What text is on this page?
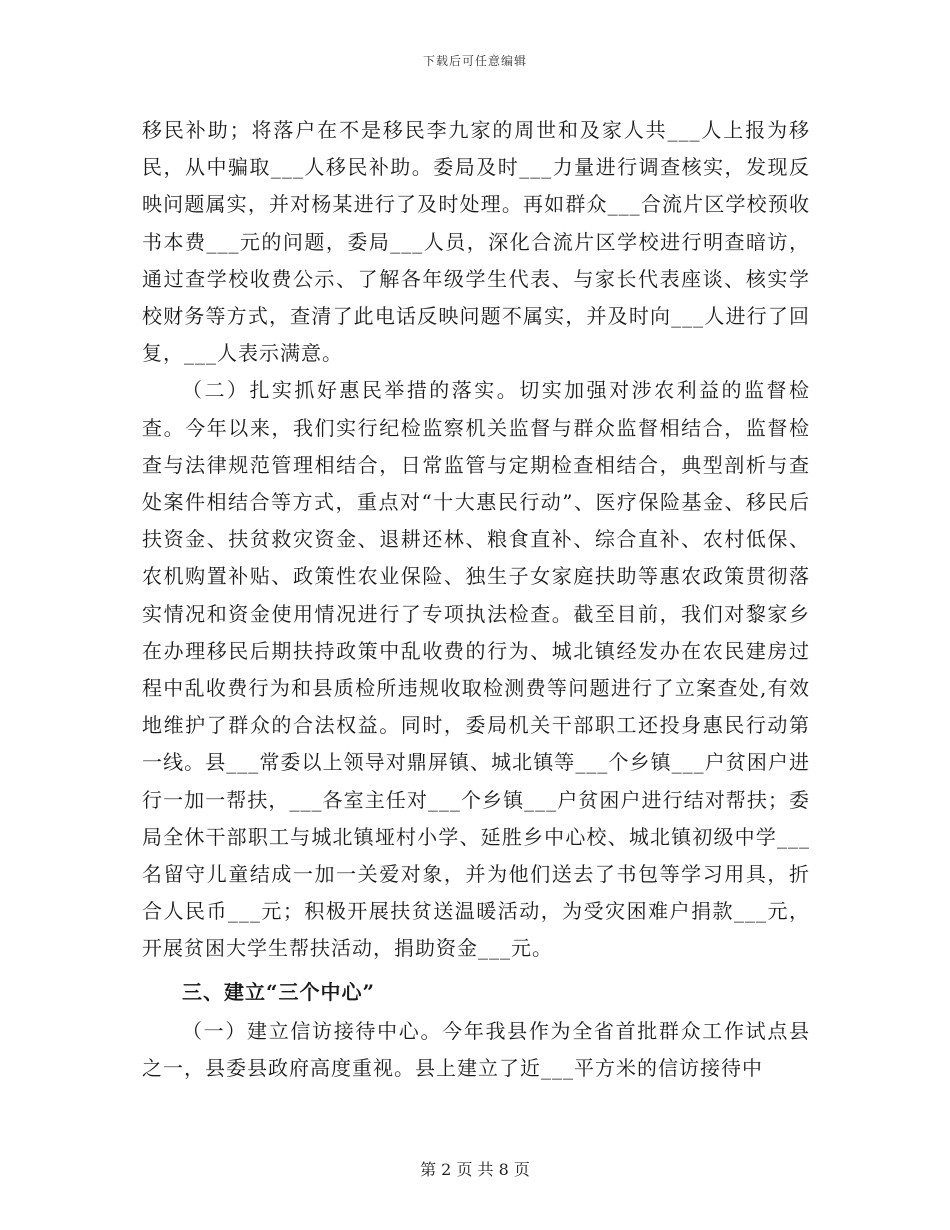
下载后可任意编辑

移民补助；将落户在不是移民李九家的周世和及家人共___人上报为移民，从中骗取___人移民补助。委局及时___力量进行调查核实，发现反映问题属实，并对杨某进行了及时处理。再如群众___合流片区学校预收书本费___元的问题，委局___人员，深化合流片区学校进行明查暗访，通过查学校收费公示、了解各年级学生代表、与家长代表座谈、核实学校财务等方式，查清了此电话反映问题不属实，并及时向___人进行了回复，___人表示满意。

（二）扎实抓好惠民举措的落实。切实加强对涉农利益的监督检查。今年以来，我们实行纪检监察机关监督与群众监督相结合，监督检查与法律规范管理相结合，日常监管与定期检查相结合，典型剖析与查处案件相结合等方式，重点对“十大惠民行动”、医疗保险基金、移民后扶资金、扶贫救灾资金、退耕还林、粮食直补、综合直补、农村低保、农机购置补贴、政策性农业保险、独生子女家庭扶助等惠农政策贯彻落实情况和资金使用情况进行了专项执法检查。截至目前，我们对黎家乡在办理移民后期扶持政策中乱收费的行为、城北镇经发办在农民建房过程中乱收费行为和县质检所违规收取检测费等问题进行了立案查处,有效地维护了群众的合法权益。同时，委局机关干部职工还投身惠民行动第一线。县___常委以上领导对鼎屏镇、城北镇等___个乡镇___户贫困户进行一加一帮扶，___各室主任对___个乡镇___户贫困户进行结对帮扶；委局全休干部职工与城北镇垭村小学、延胜乡中心校、城北镇初级中学___名留守儿童结成一加一关爱对象，并为他们送去了书包等学习用具，折合人民币___元；积极开展扶贫送温暖活动，为受灾困难户捐款___元，开展贫困大学生帮扶活动，捐助资金___元。

三、建立“三个中心”

（一）建立信访接待中心。今年我县作为全省首批群众工作试点县之一，县委县政府高度重视。县上建立了近___平方米的信访接待中

第 2 页 共 8 页
